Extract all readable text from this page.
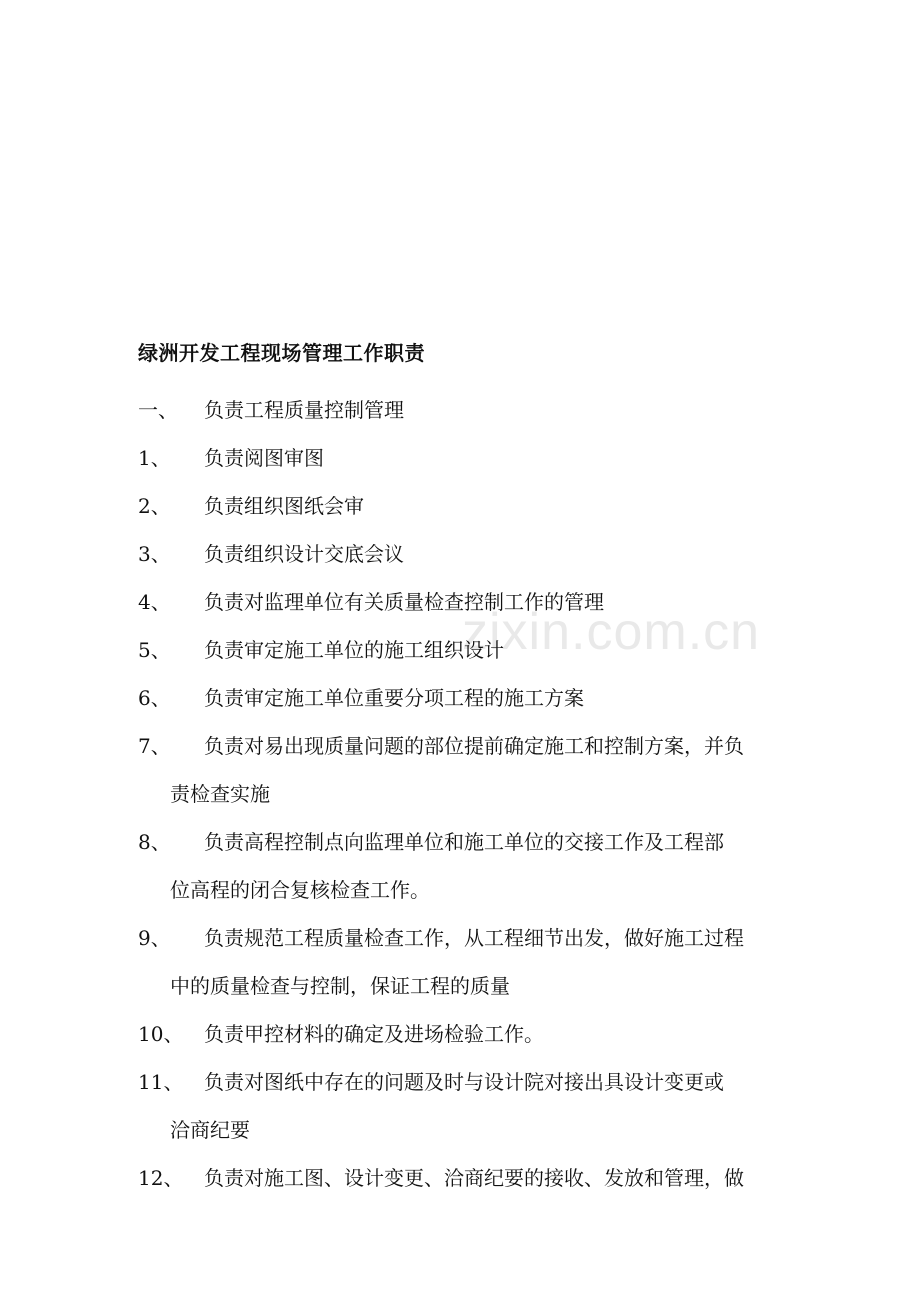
zixin.com.cn
绿洲开发工程现场管理工作职责
一、 负责工程质量控制管理
1、 负责阅图审图
2、 负责组织图纸会审
3、 负责组织设计交底会议
4、 负责对监理单位有关质量检查控制工作的管理
5、 负责审定施工单位的施工组织设计
6、 负责审定施工单位重要分项工程的施工方案
7、 负责对易出现质量问题的部位提前确定施工和控制方案，并负
责检查实施
8、 负责高程控制点向监理单位和施工单位的交接工作及工程部
位高程的闭合复核检查工作。
9、 负责规范工程质量检查工作，从工程细节出发，做好施工过程
中的质量检查与控制，保证工程的质量
10、 负责甲控材料的确定及进场检验工作。
11、 负责对图纸中存在的问题及时与设计院对接出具设计变更或
洽商纪要
12、 负责对施工图、设计变更、洽商纪要的接收、发放和管理，做
